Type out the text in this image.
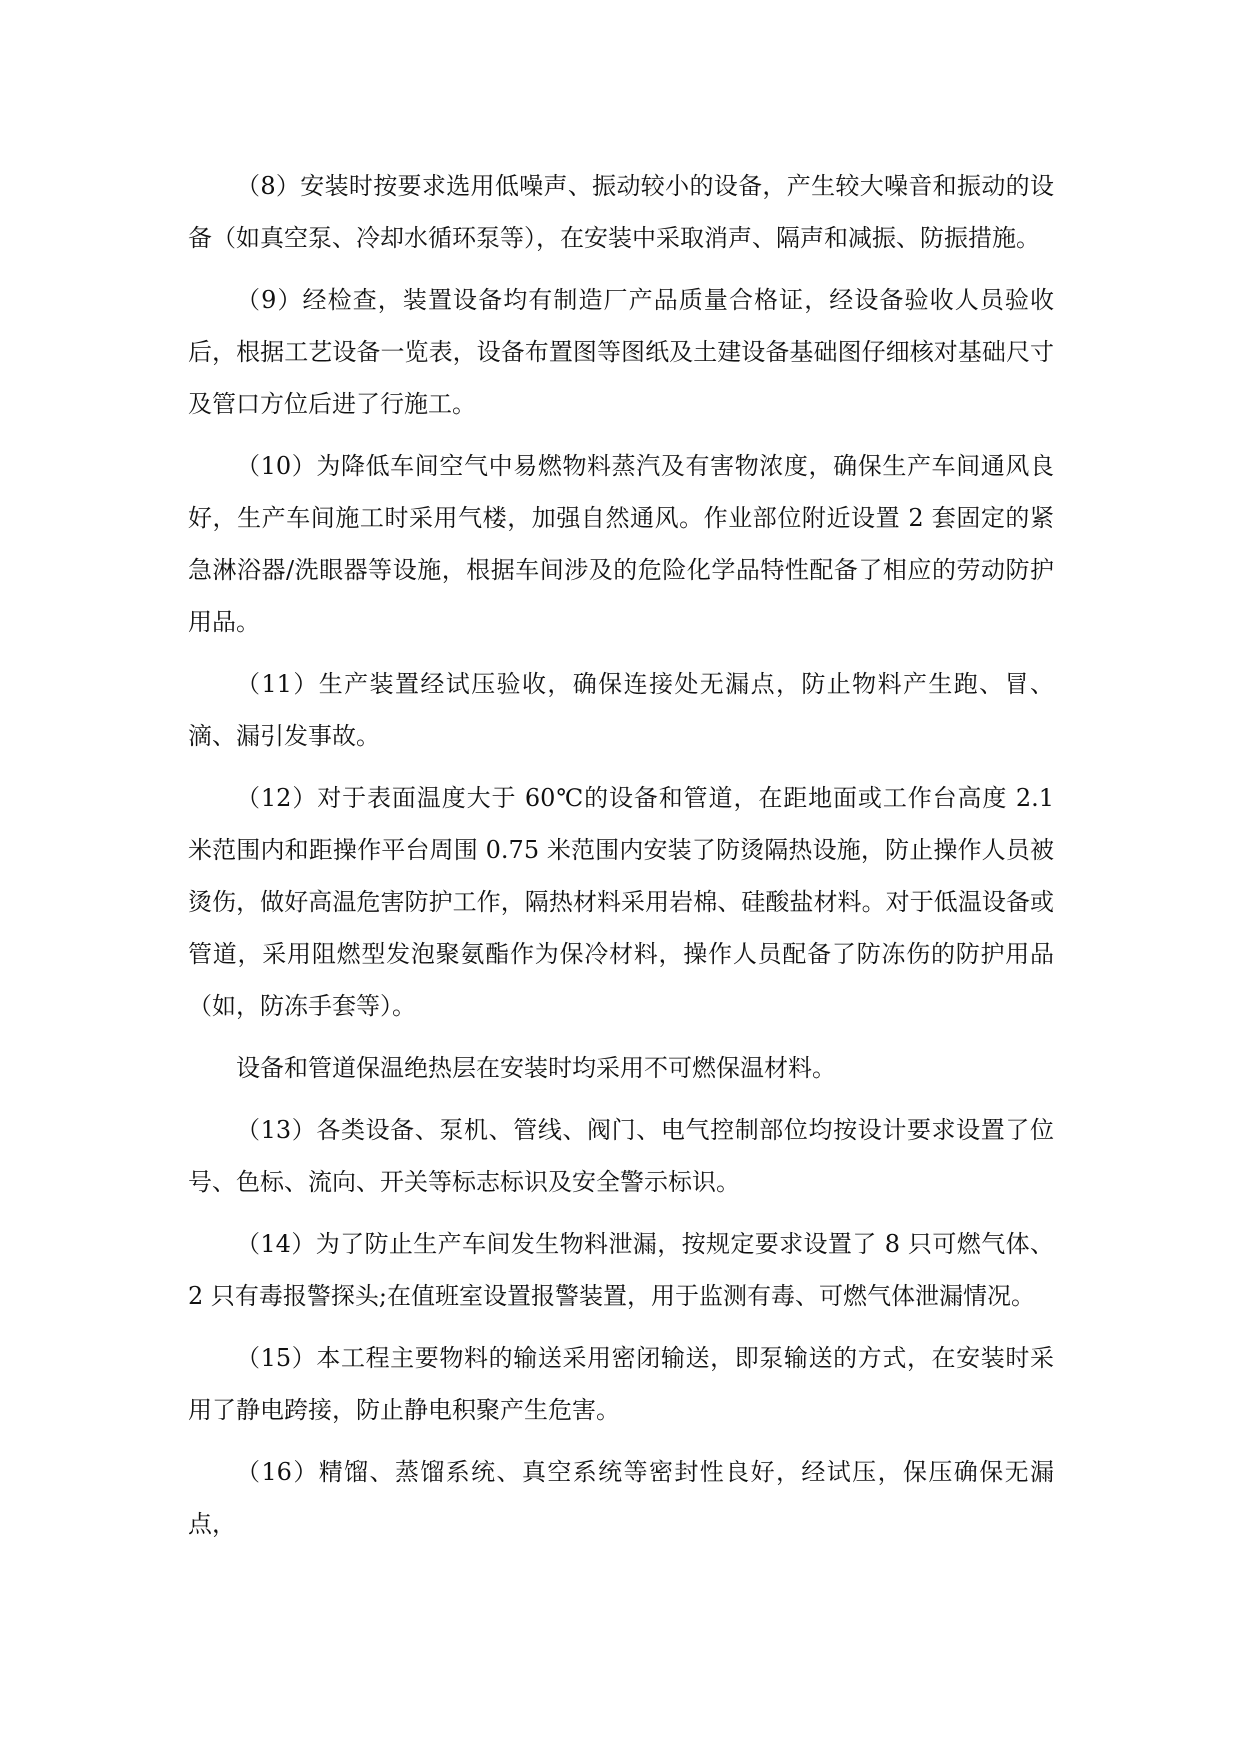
（8）安装时按要求选用低噪声、振动较小的设备，产生较大噪音和振动的设备（如真空泵、冷却水循环泵等），在安装中采取消声、隔声和减振、防振措施。

（9）经检查，装置设备均有制造厂产品质量合格证，经设备验收人员验收后，根据工艺设备一览表，设备布置图等图纸及土建设备基础图仔细核对基础尺寸及管口方位后进了行施工。

（10）为降低车间空气中易燃物料蒸汽及有害物浓度，确保生产车间通风良好，生产车间施工时采用气楼，加强自然通风。作业部位附近设置 2 套固定的紧急淋浴器/洗眼器等设施，根据车间涉及的危险化学品特性配备了相应的劳动防护用品。

（11）生产装置经试压验收，确保连接处无漏点，防止物料产生跑、冒、滴、漏引发事故。

（12）对于表面温度大于 60℃的设备和管道，在距地面或工作台高度 2.1 米范围内和距操作平台周围 0.75 米范围内安装了防烫隔热设施，防止操作人员被烫伤，做好高温危害防护工作，隔热材料采用岩棉、硅酸盐材料。对于低温设备或管道，采用阻燃型发泡聚氨酯作为保冷材料，操作人员配备了防冻伤的防护用品（如，防冻手套等）。

设备和管道保温绝热层在安装时均采用不可燃保温材料。

（13）各类设备、泵机、管线、阀门、电气控制部位均按设计要求设置了位号、色标、流向、开关等标志标识及安全警示标识。

（14）为了防止生产车间发生物料泄漏，按规定要求设置了 8 只可燃气体、2 只有毒报警探头;在值班室设置报警装置，用于监测有毒、可燃气体泄漏情况。

（15）本工程主要物料的输送采用密闭输送，即泵输送的方式，在安装时采用了静电跨接，防止静电积聚产生危害。

（16）精馏、蒸馏系统、真空系统等密封性良好，经试压，保压确保无漏点，
